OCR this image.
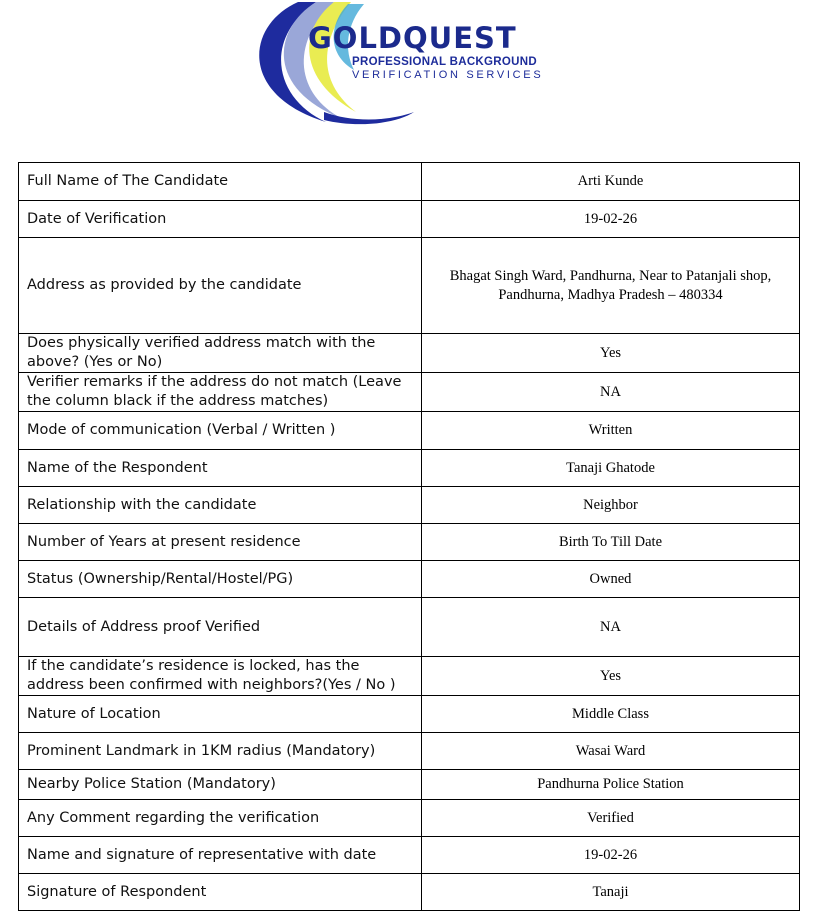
GOLDQUEST
PROFESSIONAL BACKGROUND
VERIFICATION SERVICES
Full Name of The Candidate	Arti Kunde
Date of Verification	19-02-26
Address as provided by the candidate	Bhagat Singh Ward, Pandhurna, Near to Patanjali shop, Pandhurna, Madhya Pradesh – 480334
Does physically verified address match with the above? (Yes or No)	Yes
Verifier remarks if the address do not match (Leave the column black if the address matches)	NA
Mode of communication (Verbal / Written )	Written
Name of the Respondent	Tanaji Ghatode
Relationship with the candidate	Neighbor
Number of Years at present residence	Birth To Till Date
Status (Ownership/Rental/Hostel/PG)	Owned
Details of Address proof Verified	NA
If the candidate’s residence is locked, has the address been confirmed with neighbors?(Yes / No )	Yes
Nature of Location	Middle Class
Prominent Landmark in 1KM radius (Mandatory)	Wasai Ward
Nearby Police Station (Mandatory)	Pandhurna Police Station
Any Comment regarding the verification	Verified
Name and signature of representative with date	19-02-26
Signature of Respondent	Tanaji
